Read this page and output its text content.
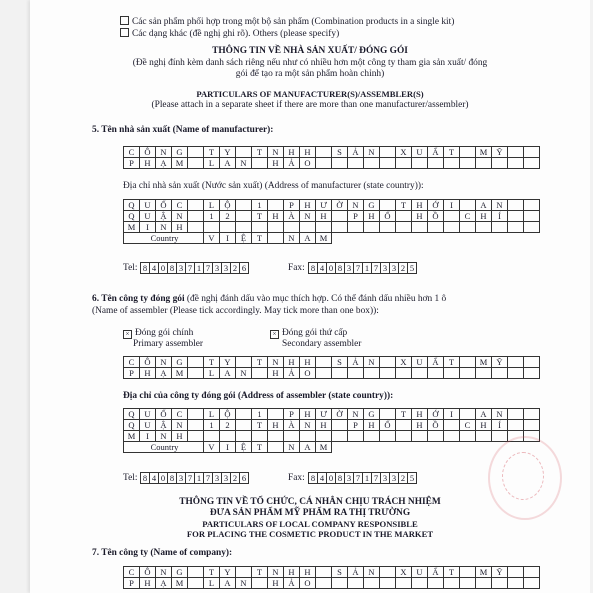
Các sản phẩm phối hợp trong một bộ sản phẩm (Combination products in a single kit)
Các dạng khác (đề nghị ghi rõ). Others (please specify)
THÔNG TIN VỀ NHÀ SẢN XUẤT/ ĐÓNG GÓI
(Đề nghị đính kèm danh sách riêng nếu như có nhiều hơn một công ty tham gia sản xuất/ đóng
gói để tạo ra một sản phẩm hoàn chỉnh)
PARTICULARS OF MANUFACTURER(S)/ASSEMBLER(S)
(Please attach in a separate sheet if there are more than one manufacturer/assembler)
5. Tên nhà sản xuất (Name of manufacturer):
C	Ô	N	G		T	Y		T	N	H	H		S	Ả	N		X	U	Ấ	T		M	Ỹ		
P	H	Ạ	M		L	A	N		H	Ả	O														
Địa chỉ nhà sản xuất (Nước sản xuất) (Address of manufacturer (state country)):
Q	U	Ố	C		L	Ộ		1		P	H	Ư	Ờ	N	G		T	H	Ớ	I		A	N		
Q	U	Ậ	N		1	2		T	H	À	N	H		P	H	Ố		H	Ồ		C	H	Í		
M	I	N	H																						
Country					V	I	Ệ	T		N	A	M													
Tel: 8	4	0	8	3	7	1	7	3	3	2	6	Fax: 8	4	0	8	3	7	1	7	3	3	2	5
6. Tên công ty đóng gói (đề nghị đánh dấu vào mục thích hợp. Có thể đánh dấu nhiều hơn 1 ô
(Name of assembler (Please tick accordingly. May tick more than one box)):
× Đóng gói chính
Primary assembler
× Đóng gói thứ cấp
Secondary assembler
C	Ô	N	G		T	Y		T	N	H	H		S	Ả	N		X	U	Ấ	T		M	Ỹ		
P	H	Ạ	M		L	A	N		H	Ả	O														
Địa chỉ của công ty đóng gói (Address of assembler (state country)):
Q	U	Ố	C		L	Ộ		1		P	H	Ư	Ờ	N	G		T	H	Ớ	I		A	N		
Q	U	Ậ	N		1	2		T	H	À	N	H		P	H	Ố		H	Ồ		C	H	Í		
M	I	N	H																						
Country					V	I	Ệ	T		N	A	M													
Tel: 8	4	0	8	3	7	1	7	3	3	2	6	Fax: 8	4	0	8	3	7	1	7	3	3	2	5
THÔNG TIN VỀ TỔ CHỨC, CÁ NHÂN CHỊU TRÁCH NHIỆM
ĐƯA SẢN PHẨM MỸ PHẨM RA THỊ TRƯỜNG
PARTICULARS OF LOCAL COMPANY RESPONSIBLE
FOR PLACING THE COSMETIC PRODUCT IN THE MARKET
7. Tên công ty (Name of company):
C	Ô	N	G		T	Y		T	N	H	H		S	Ả	N		X	U	Ấ	T		M	Ỹ		
P	H	Ạ	M		L	A	N		H	Ả	O														
